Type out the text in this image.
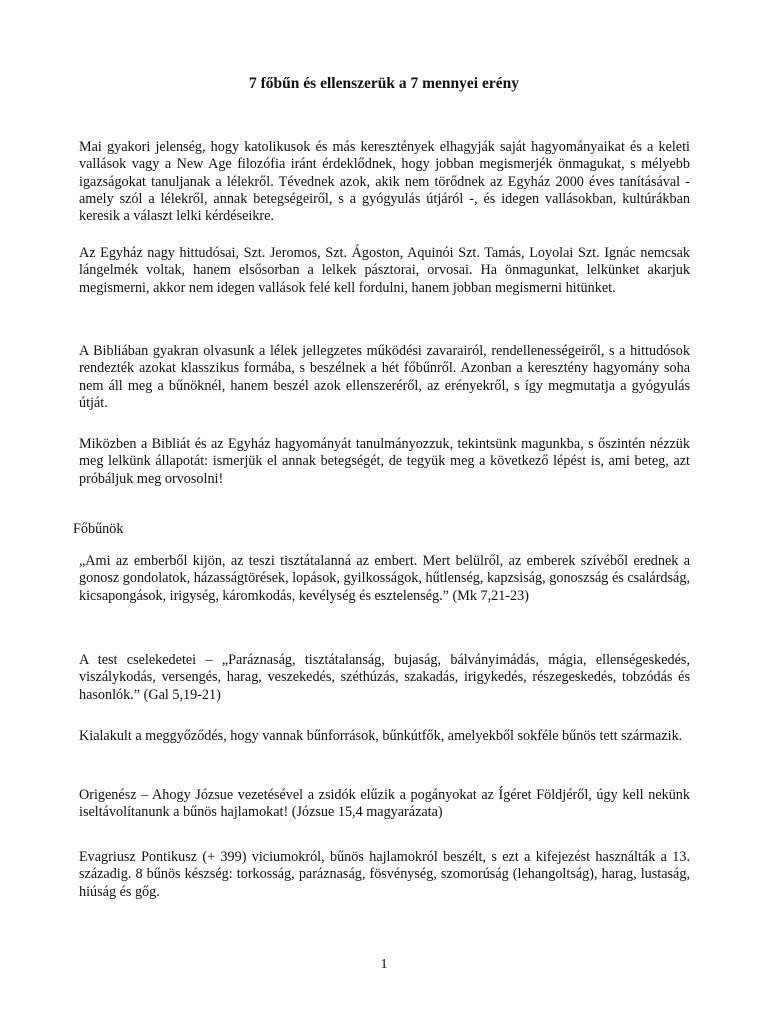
7 főbűn és ellenszerük a 7 mennyei erény

Mai gyakori jelenség, hogy katolikusok és más keresztények elhagyják saját hagyományaikat és a keleti vallások vagy a New Age filozófia iránt érdeklődnek, hogy jobban megismerjék önmagukat, s mélyebb igazságokat tanuljanak a lélekről. Tévednek azok, akik nem törődnek az Egyház 2000 éves tanításával - amely szól a lélekről, annak betegségeiről, s a gyógyulás útjáról -, és idegen vallásokban, kultúrákban keresik a választ lelki kérdéseikre.

Az Egyház nagy hittudósai, Szt. Jeromos, Szt. Ágoston, Aquinói Szt. Tamás, Loyolai Szt. Ignác nemcsak lángelmék voltak, hanem elsősorban a lelkek pásztorai, orvosai. Ha önmagunkat, lelkünket akarjuk megismerni, akkor nem idegen vallások felé kell fordulni, hanem jobban megismerni hitünket.

A Bibliában gyakran olvasunk a lélek jellegzetes működési zavarairól, rendellenességeiről, s a hittudósok rendezték azokat klasszikus formába, s beszélnek a hét főbűnről. Azonban a keresztény hagyomány soha nem áll meg a bűnöknél, hanem beszél azok ellenszeréről, az erényekről, s így megmutatja a gyógyulás útját.

Miközben a Bibliát és az Egyház hagyományát tanulmányozzuk, tekintsünk magunkba, s őszintén nézzük meg lelkünk állapotát: ismerjük el annak betegségét, de tegyük meg a következő lépést is, ami beteg, azt próbáljuk meg orvosolni!

Főbűnök

„Ami az emberből kijön, az teszi tisztátalanná az embert. Mert belülről, az emberek szívéből erednek a gonosz gondolatok, házasságtörések, lopások, gyilkosságok, hűtlenség, kapzsiság, gonoszság és csalárdság, kicsapongások, irigység, káromkodás, kevélység és esztelenség.” (Mk 7,21-23)

A test cselekedetei – „Paráznaság, tisztátalanság, bujaság, bálványimádás, mágia, ellenségeskedés, viszálykodás, versengés, harag, veszekedés, széthúzás, szakadás, irigykedés, részegeskedés, tobzódás és hasonlók.” (Gal 5,19-21)

Kialakult a meggyőződés, hogy vannak bűnforrások, bűnkútfők, amelyekből sokféle bűnös tett származik.

Origenész – Ahogy Józsue vezetésével a zsidók elűzik a pogányokat az Ígéret Földjéről, úgy kell nekünk iseltávolítanunk a bűnös hajlamokat! (Józsue 15,4 magyarázata)

Evagriusz Pontikusz (+ 399) viciumokról, bűnös hajlamokról beszélt, s ezt a kifejezést használták a 13. századig. 8 bűnös készség: torkosság, paráznaság, fösvénység, szomorúság (lehangoltság), harag, lustaság, hiúság és gőg.

1
